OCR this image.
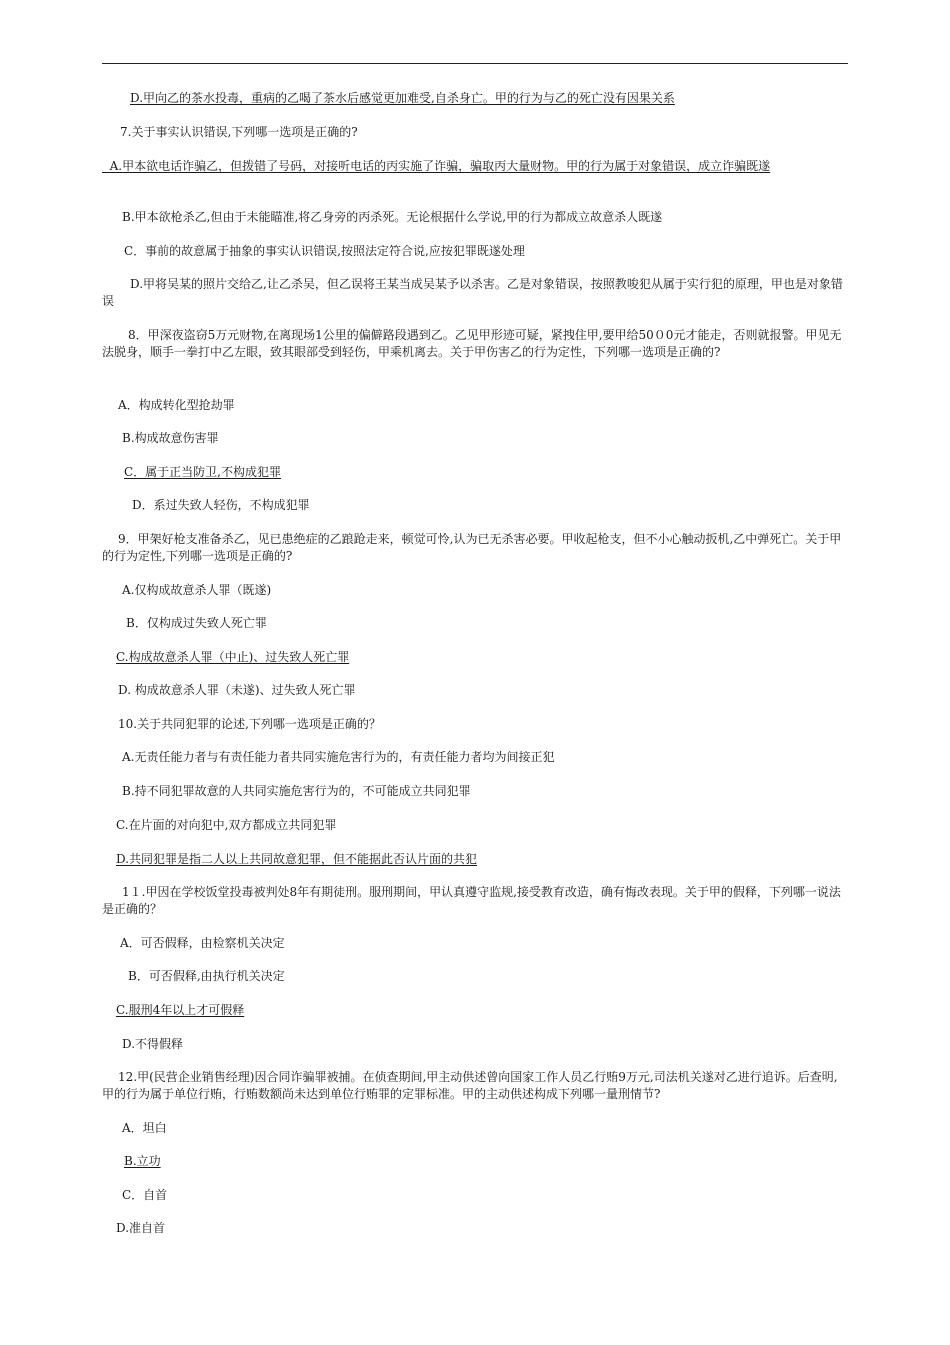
D.甲向乙的茶水投毒，重病的乙喝了茶水后感觉更加难受,自杀身亡。甲的行为与乙的死亡没有因果关系
7.关于事实认识错误,下列哪一选项是正确的?
A.甲本欲电话诈骗乙，但拨错了号码，对接听电话的丙实施了诈骗，骗取丙大量财物。甲的行为属于对象错误，成立诈骗既遂
B.甲本欲枪杀乙,但由于未能瞄准,将乙身旁的丙杀死。无论根据什么学说,甲的行为都成立故意杀人既遂
C．事前的故意属于抽象的事实认识错误,按照法定符合说,应按犯罪既遂处理
D.甲将吴某的照片交给乙,让乙杀吴，但乙误将王某当成吴某予以杀害。乙是对象错误，按照教唆犯从属于实行犯的原理，甲也是对象错误
8．甲深夜盗窃5万元财物,在离现场1公里的偏僻路段遇到乙。乙见甲形迹可疑，紧拽住甲,要甲给50０0元才能走，否则就报警。甲见无法脱身，顺手一拳打中乙左眼，致其眼部受到轻伤，甲乘机离去。关于甲伤害乙的行为定性，下列哪一选项是正确的?
A．构成转化型抢劫罪
B.构成故意伤害罪
C．属于正当防卫,不构成犯罪
D．系过失致人轻伤，不构成犯罪
9．甲架好枪支准备杀乙，见已患绝症的乙踉跄走来，顿觉可怜,认为已无杀害必要。甲收起枪支，但不小心触动扳机,乙中弹死亡。关于甲的行为定性,下列哪一选项是正确的?
A.仅构成故意杀人罪（既遂)
B．仅构成过失致人死亡罪
C.构成故意杀人罪（中止)、过失致人死亡罪
D. 构成故意杀人罪（未遂)、过失致人死亡罪
10.关于共同犯罪的论述,下列哪一选项是正确的？
A.无责任能力者与有责任能力者共同实施危害行为的，有责任能力者均为间接正犯
B.持不同犯罪故意的人共同实施危害行为的，不可能成立共同犯罪
C.在片面的对向犯中,双方都成立共同犯罪
D.共同犯罪是指二人以上共同故意犯罪，但不能据此否认片面的共犯
1１.甲因在学校饭堂投毒被判处8年有期徒刑。服刑期间，甲认真遵守监规,接受教育改造，确有悔改表现。关于甲的假释，下列哪一说法是正确的？
A．可否假释，由检察机关决定
B．可否假释,由执行机关决定
C.服刑4年以上才可假释
D.不得假释
12.甲(民营企业销售经理)因合同诈骗罪被捕。在侦查期间,甲主动供述曾向国家工作人员乙行贿9万元,司法机关遂对乙进行追诉。后查明,甲的行为属于单位行贿，行贿数额尚未达到单位行贿罪的定罪标准。甲的主动供述构成下列哪一量刑情节?
A．坦白
B.立功
C．自首
D.准自首
